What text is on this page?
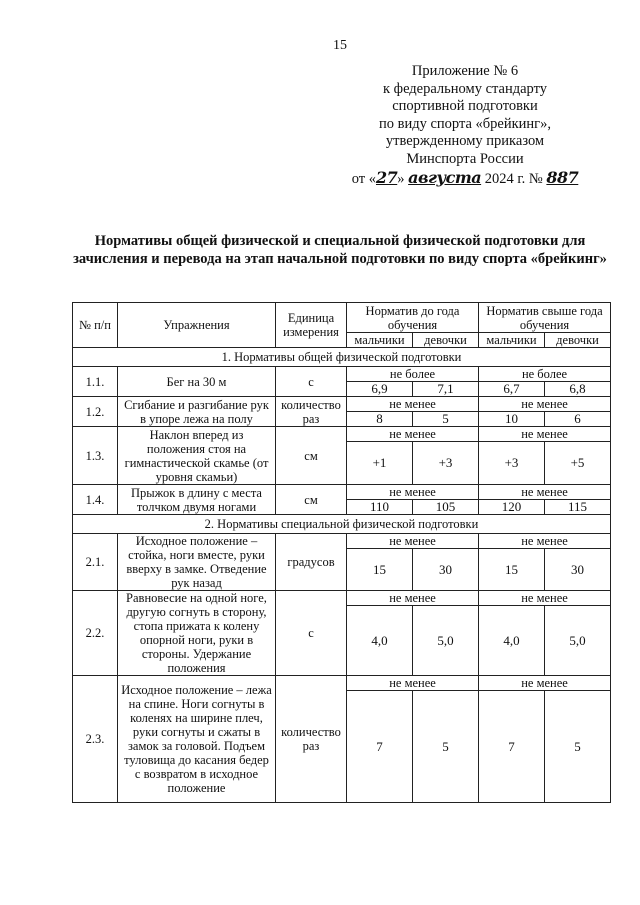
15
Приложение № 6
к федеральному стандарту
спортивной подготовки
по виду спорта «брейкинг»,
утвержденному приказом
Минспорта России
от «27» августа 2024 г. № 887
Нормативы общей физической и специальной физической подготовки для зачисления и перевода на этап начальной подготовки по виду спорта «брейкинг»
№ п/п	Упражнения	Единица измерения	Норматив до года обучения		Норматив свыше года обучения	
			мальчики	девочки	мальчики	девочки
1. Нормативы общей физической подготовки						
1.1.	Бег на 30 м	с	не более		не более	
			6,9	7,1	6,7	6,8
1.2.	Сгибание и разгибание рук в упоре лежа на полу	количество раз	не менее		не менее	
			8	5	10	6
1.3.	Наклон вперед из положения стоя на гимнастической скамье (от уровня скамьи)	см	не менее		не менее	
			+1	+3	+3	+5
1.4.	Прыжок в длину с места толчком двумя ногами	см	не менее		не менее	
			110	105	120	115
2. Нормативы специальной физической подготовки						
2.1.	Исходное положение – стойка, ноги вместе, руки вверху в замке. Отведение рук назад	градусов	не менее		не менее	
			15	30	15	30
2.2.	Равновесие на одной ноге, другую согнуть в сторону, стопа прижата к колену опорной ноги, руки в стороны. Удержание положения	с	не менее		не менее	
			4,0	5,0	4,0	5,0
2.3.	Исходное положение – лежа на спине. Ноги согнуты в коленях на ширине плеч, руки согнуты и сжаты в замок за головой. Подъем туловища до касания бедер с возвратом в исходное положение	количество раз	не менее		не менее	
			7	5	7	5
